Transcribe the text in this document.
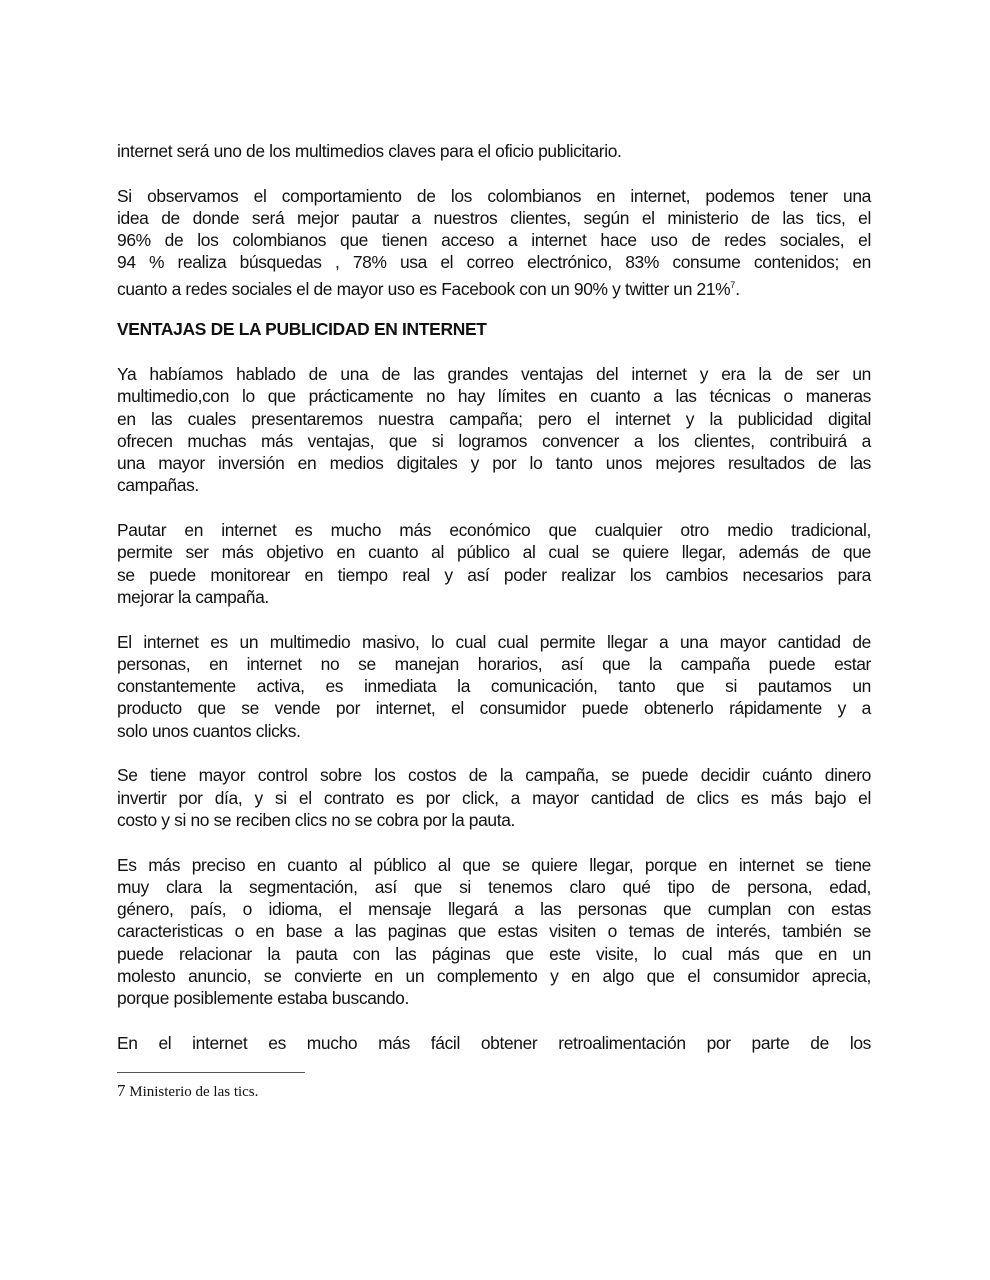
internet será uno de los multimedios claves para el oficio publicitario.
Si observamos el comportamiento de los colombianos en internet, podemos tener una
idea de donde será mejor pautar a nuestros clientes, según el ministerio de las tics, el
96% de los colombianos que tienen acceso a internet hace uso de redes sociales, el
94 % realiza búsquedas , 78% usa el correo electrónico, 83% consume contenidos; en
cuanto a redes sociales el de mayor uso es Facebook con un 90% y twitter un 21%$^7$.
VENTAJAS DE LA PUBLICIDAD EN INTERNET
Ya habíamos hablado de una de las grandes ventajas del internet y era la de ser un
multimedio,con lo que prácticamente no hay límites en cuanto a las técnicas o maneras
en las cuales presentaremos nuestra campaña; pero el internet y la publicidad digital
ofrecen muchas más ventajas, que si logramos convencer a los clientes, contribuirá a
una mayor inversión en medios digitales y por lo tanto unos mejores resultados de las
campañas.
Pautar en internet es mucho más económico que cualquier otro medio tradicional,
permite ser más objetivo en cuanto al público al cual se quiere llegar, además de que
se puede monitorear en tiempo real y así poder realizar los cambios necesarios para
mejorar la campaña.
El internet es un multimedio masivo, lo cual cual permite llegar a una mayor cantidad de
personas, en internet no se manejan horarios, así que la campaña puede estar
constantemente activa, es inmediata la comunicación, tanto que si pautamos un
producto que se vende por internet, el consumidor puede obtenerlo rápidamente y a
solo unos cuantos clicks.
Se tiene mayor control sobre los costos de la campaña, se puede decidir cuánto dinero
invertir por día, y si el contrato es por click, a mayor cantidad de clics es más bajo el
costo y si no se reciben clics no se cobra por la pauta.
Es más preciso en cuanto al público al que se quiere llegar, porque en internet se tiene
muy clara la segmentación, así que si tenemos claro qué tipo de persona, edad,
género, país, o idioma, el mensaje llegará a las personas que cumplan con estas
caracteristicas o en base a las paginas que estas visiten o temas de interés, también se
puede relacionar la pauta con las páginas que este visite, lo cual más que en un
molesto anuncio, se convierte en un complemento y en algo que el consumidor aprecia,
porque posiblemente estaba buscando.
En el internet es mucho más fácil obtener retroalimentación por parte de los
7 Ministerio de las tics.
